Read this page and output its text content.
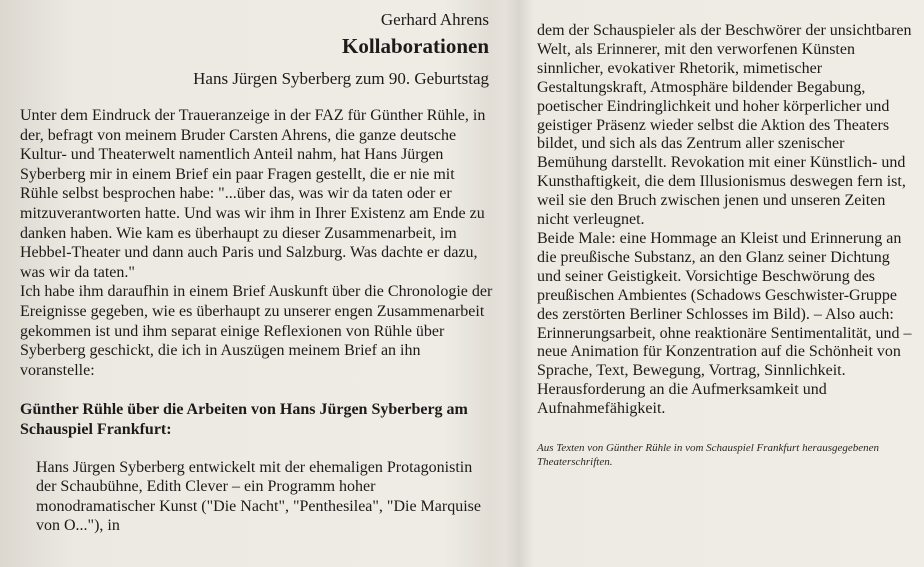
Gerhard Ahrens
Kollaborationen
Hans Jürgen Syberberg zum 90. Geburtstag

Unter dem Eindruck der Traueranzeige in der FAZ für Günther Rühle, in der, befragt von meinem Bruder Carsten Ahrens, die ganze deutsche Kultur- und Theaterwelt namentlich Anteil nahm, hat Hans Jürgen Syberberg mir in einem Brief ein paar Fragen gestellt, die er nie mit Rühle selbst besprochen habe: "...über das, was wir da taten oder er mitzuverantworten hatte. Und was wir ihm in Ihrer Existenz am Ende zu danken haben. Wie kam es überhaupt zu dieser Zusammenarbeit, im Hebbel-Theater und dann auch Paris und Salzburg. Was dachte er dazu, was wir da taten."

Ich habe ihm daraufhin in einem Brief Auskunft über die Chronologie der Ereignisse gegeben, wie es überhaupt zu unserer engen Zusammenarbeit gekommen ist und ihm separat einige Reflexionen von Rühle über Syberberg geschickt, die ich in Auszügen meinem Brief an ihn voranstelle:

Günther Rühle über die Arbeiten von Hans Jürgen Syberberg am Schauspiel Frankfurt:

Hans Jürgen Syberberg entwickelt mit der ehemaligen Protagonistin der Schaubühne, Edith Clever – ein Programm hoher monodramatischer Kunst ("Die Nacht", "Penthesilea", "Die Marquise von O..."), in

dem der Schauspieler als der Beschwörer der unsichtbaren Welt, als Erinnerer, mit den verworfenen Künsten sinnlicher, evokativer Rhetorik, mimetischer Gestaltungskraft, Atmosphäre bildender Begabung, poetischer Eindringlichkeit und hoher körperlicher und geistiger Präsenz wieder selbst die Aktion des Theaters bildet, und sich als das Zentrum aller szenischer Bemühung darstellt. Revokation mit einer Künstlich- und Kunsthaftigkeit, die dem Illusionismus deswegen fern ist, weil sie den Bruch zwischen jenen und unseren Zeiten nicht verleugnet.

Beide Male: eine Hommage an Kleist und Erinnerung an die preußische Substanz, an den Glanz seiner Dichtung und seiner Geistigkeit. Vorsichtige Beschwörung des preußischen Ambientes (Schadows Geschwister-Gruppe des zerstörten Berliner Schlosses im Bild). – Also auch: Erinnerungsarbeit, ohne reaktionäre Sentimentalität, und – neue Animation für Konzentration auf die Schönheit von Sprache, Text, Bewegung, Vortrag, Sinnlichkeit. Herausforderung an die Aufmerksamkeit und Aufnahmefähigkeit.

Aus Texten von Günther Rühle in vom Schauspiel Frankfurt herausgegebenen Theaterschriften.
